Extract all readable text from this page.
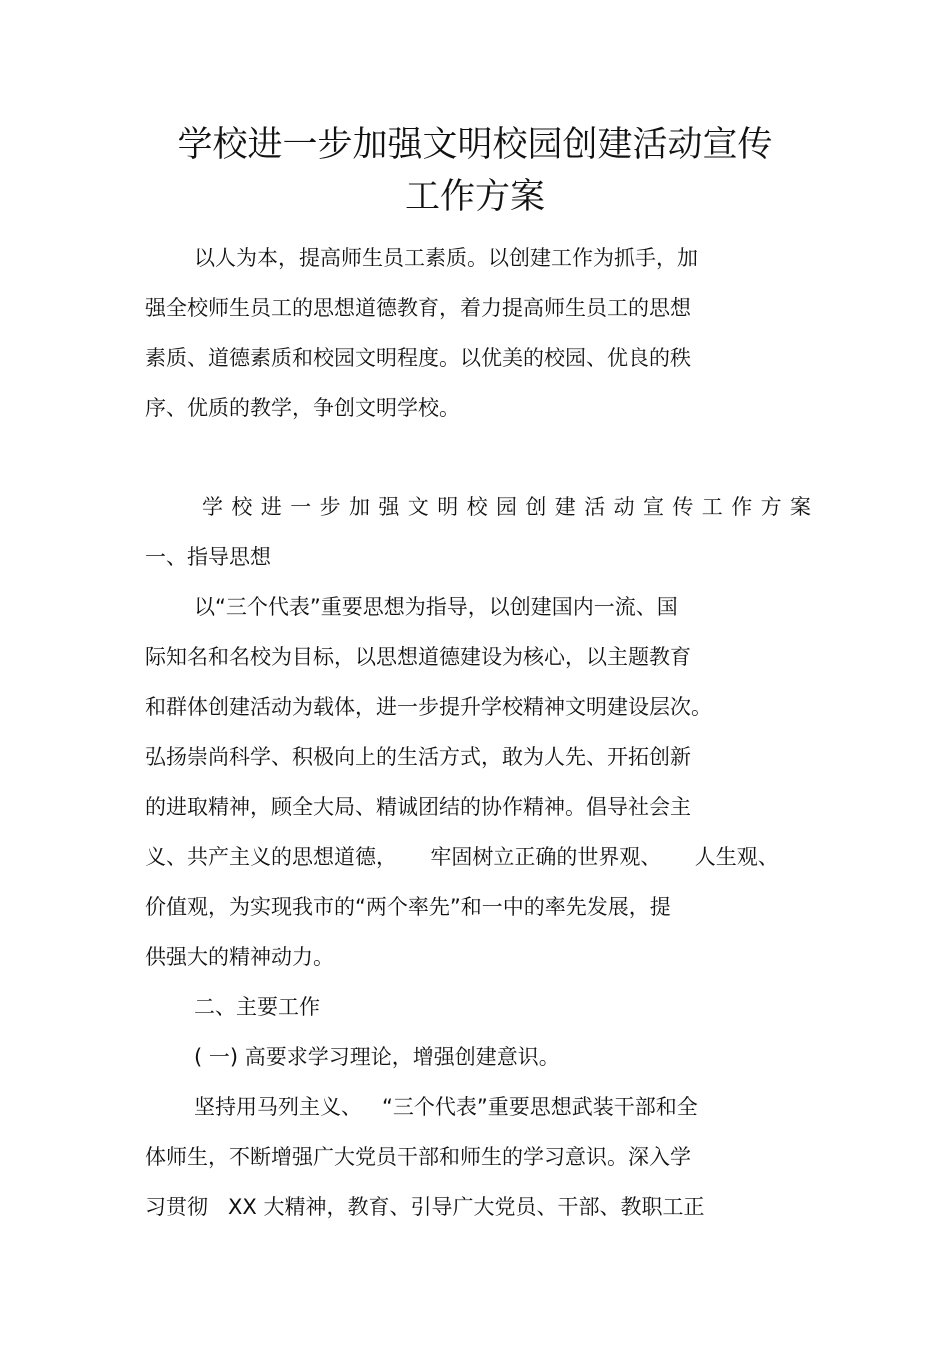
学校进一步加强文明校园创建活动宣传
工作方案
以人为本，提高师生员工素质。以创建工作为抓手，加
强全校师生员工的思想道德教育，着力提高师生员工的思想
素质、道德素质和校园文明程度。以优美的校园、优良的秩
序、优质的教学，争创文明学校。
学校进一步加强文明校园创建活动宣传工作方案
一、指导思想
以“三个代表”重要思想为指导，以创建国内一流、国
际知名和名校为目标，以思想道德建设为核心，以主题教育
和群体创建活动为载体，进一步提升学校精神文明建设层次。
弘扬崇尚科学、积极向上的生活方式，敢为人先、开拓创新
的进取精神，顾全大局、精诚团结的协作精神。倡导社会主
义、共产主义的思想道德，     牢固树立正确的世界观、     人生观、
价值观，为实现我市的“两个率先”和一中的率先发展，提
供强大的精神动力。
二、主要工作
( 一) 高要求学习理论，增强创建意识。
坚持用马列主义、   “三个代表”重要思想武装干部和全
体师生，不断增强广大党员干部和师生的学习意识。深入学
习贯彻   XX 大精神，教育、引导广大党员、干部、教职工正
